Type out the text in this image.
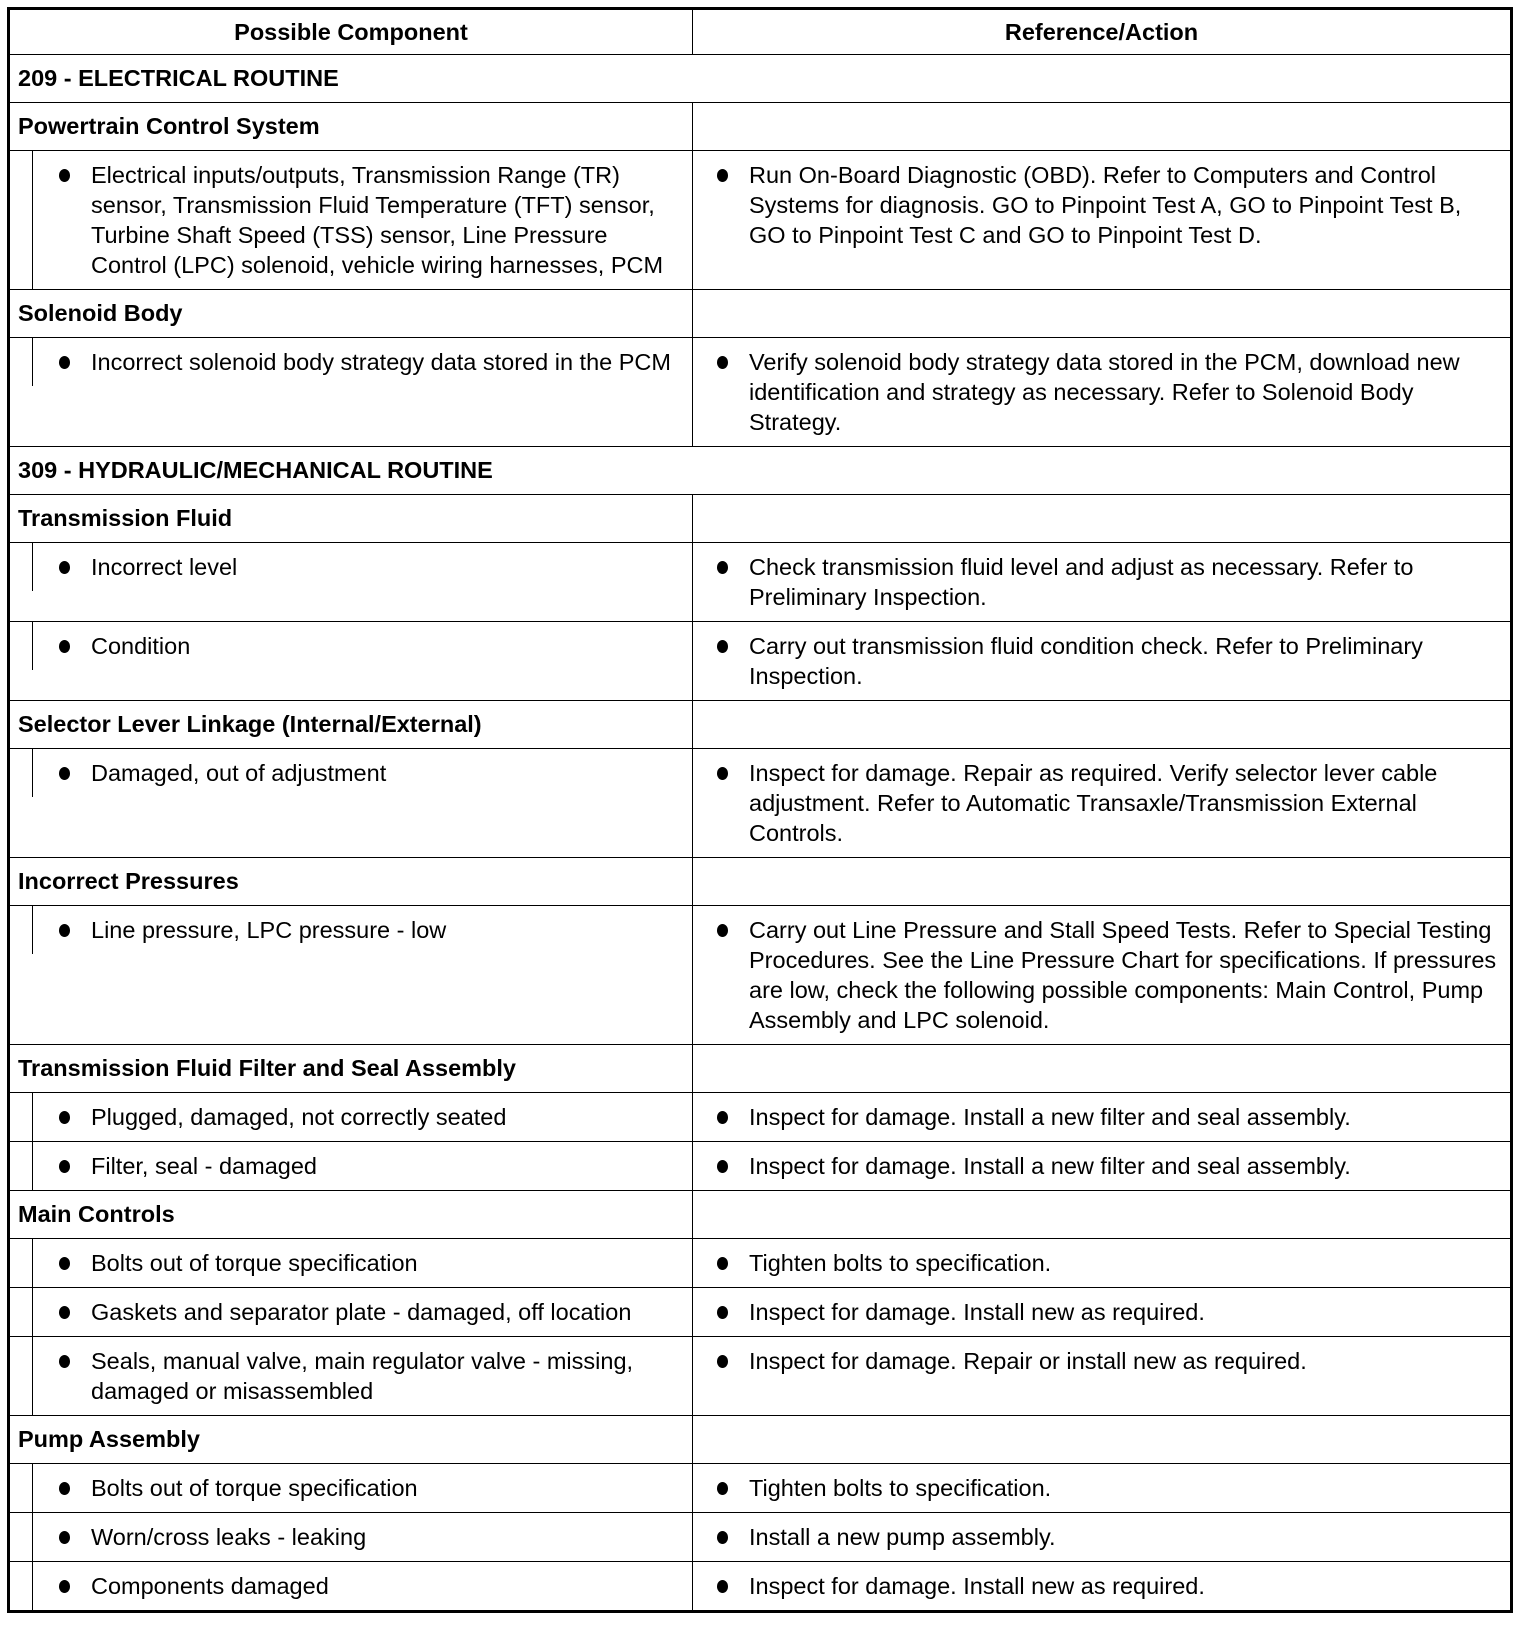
Possible Component	Reference/Action
209 - ELECTRICAL ROUTINE	
Powertrain Control System	

Electrical inputs/outputs, Transmission Range (TR) sensor, Transmission Fluid Temperature (TFT) sensor, Turbine Shaft Speed (TSS) sensor, Line Pressure Control (LPC) solenoid, vehicle wiring harnesses, PCM	Run On-Board Diagnostic (OBD). Refer to Computers and Control Systems for diagnosis. GO to Pinpoint Test A, GO to Pinpoint Test B, GO to Pinpoint Test C and GO to Pinpoint Test D.

Solenoid Body	

Incorrect solenoid body strategy data stored in the PCM	Verify solenoid body strategy data stored in the PCM, download new identification and strategy as necessary. Refer to Solenoid Body Strategy.

309 - HYDRAULIC/MECHANICAL ROUTINE	
Transmission Fluid	

Incorrect level	Check transmission fluid level and adjust as necessary. Refer to Preliminary Inspection.

Condition	Carry out transmission fluid condition check. Refer to Preliminary Inspection.

Selector Lever Linkage (Internal/External)	

Damaged, out of adjustment	Inspect for damage. Repair as required. Verify selector lever cable adjustment. Refer to Automatic Transaxle/Transmission External Controls.

Incorrect Pressures	

Line pressure, LPC pressure - low	Carry out Line Pressure and Stall Speed Tests. Refer to Special Testing Procedures. See the Line Pressure Chart for specifications. If pressures are low, check the following possible components: Main Control, Pump Assembly and LPC solenoid.

Transmission Fluid Filter and Seal Assembly	

Plugged, damaged, not correctly seated	Inspect for damage. Install a new filter and seal assembly.

Filter, seal - damaged	Inspect for damage. Install a new filter and seal assembly.

Main Controls	

Bolts out of torque specification	Tighten bolts to specification.

Gaskets and separator plate - damaged, off location	Inspect for damage. Install new as required.

Seals, manual valve, main regulator valve - missing, damaged or misassembled	Inspect for damage. Repair or install new as required.

Pump Assembly	

Bolts out of torque specification	Tighten bolts to specification.

Worn/cross leaks - leaking	Install a new pump assembly.

Components damaged	Inspect for damage. Install new as required.
